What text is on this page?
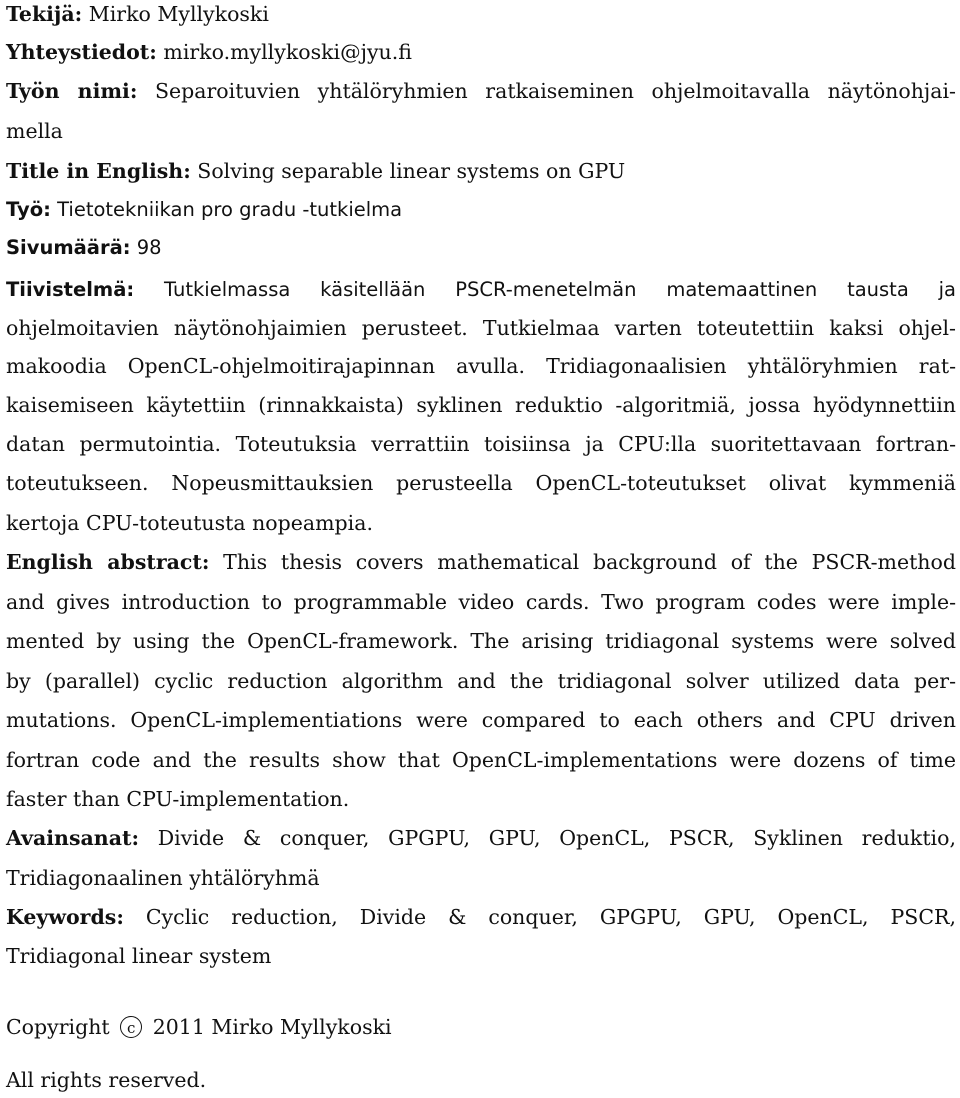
Tekijä: Mirko Myllykoski
Yhteystiedot: mirko.myllykoski@jyu.fi
Työn nimi: Separoituvien yhtälöryhmien ratkaiseminen ohjelmoitavalla näytönohjai-
mella
Title in English: Solving separable linear systems on GPU
Työ: Tietotekniikan pro gradu -tutkielma
Sivumäärä: 98
Tiivistelmä: Tutkielmassa käsitellään PSCR-menetelmän matemaattinen tausta ja
ohjelmoitavien näytönohjaimien perusteet. Tutkielmaa varten toteutettiin kaksi ohjel-
makoodia OpenCL-ohjelmoitirajapinnan avulla. Tridiagonaalisien yhtälöryhmien rat-
kaisemiseen käytettiin (rinnakkaista) syklinen reduktio -algoritmiä, jossa hyödynnettiin
datan permutointia. Toteutuksia verrattiin toisiinsa ja CPU:lla suoritettavaan fortran-
toteutukseen. Nopeusmittauksien perusteella OpenCL-toteutukset olivat kymmeniä
kertoja CPU-toteutusta nopeampia.
English abstract: This thesis covers mathematical background of the PSCR-method
and gives introduction to programmable video cards. Two program codes were imple-
mented by using the OpenCL-framework. The arising tridiagonal systems were solved
by (parallel) cyclic reduction algorithm and the tridiagonal solver utilized data per-
mutations. OpenCL-implementiations were compared to each others and CPU driven
fortran code and the results show that OpenCL-implementations were dozens of time
faster than CPU-implementation.
Avainsanat: Divide & conquer, GPGPU, GPU, OpenCL, PSCR, Syklinen reduktio,
Tridiagonaalinen yhtälöryhmä
Keywords: Cyclic reduction, Divide & conquer, GPGPU, GPU, OpenCL, PSCR,
Tridiagonal linear system
Copyright c 2011 Mirko Myllykoski
All rights reserved.
